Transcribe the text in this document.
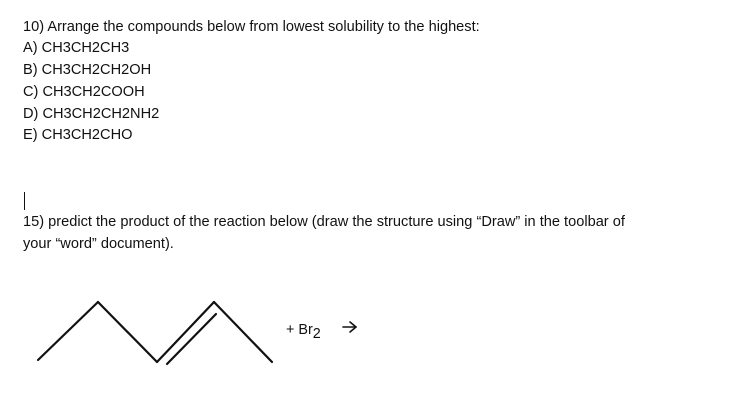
10) Arrange the compounds below from lowest solubility to the highest:
A) CH3CH2CH3
B) CH3CH2CH2OH
C) CH3CH2COOH
D) CH3CH2CH2NH2
E) CH3CH2CHO
15) predict the product of the reaction below (draw the structure using “Draw” in the toolbar of
your “word” document).
+ Br2
